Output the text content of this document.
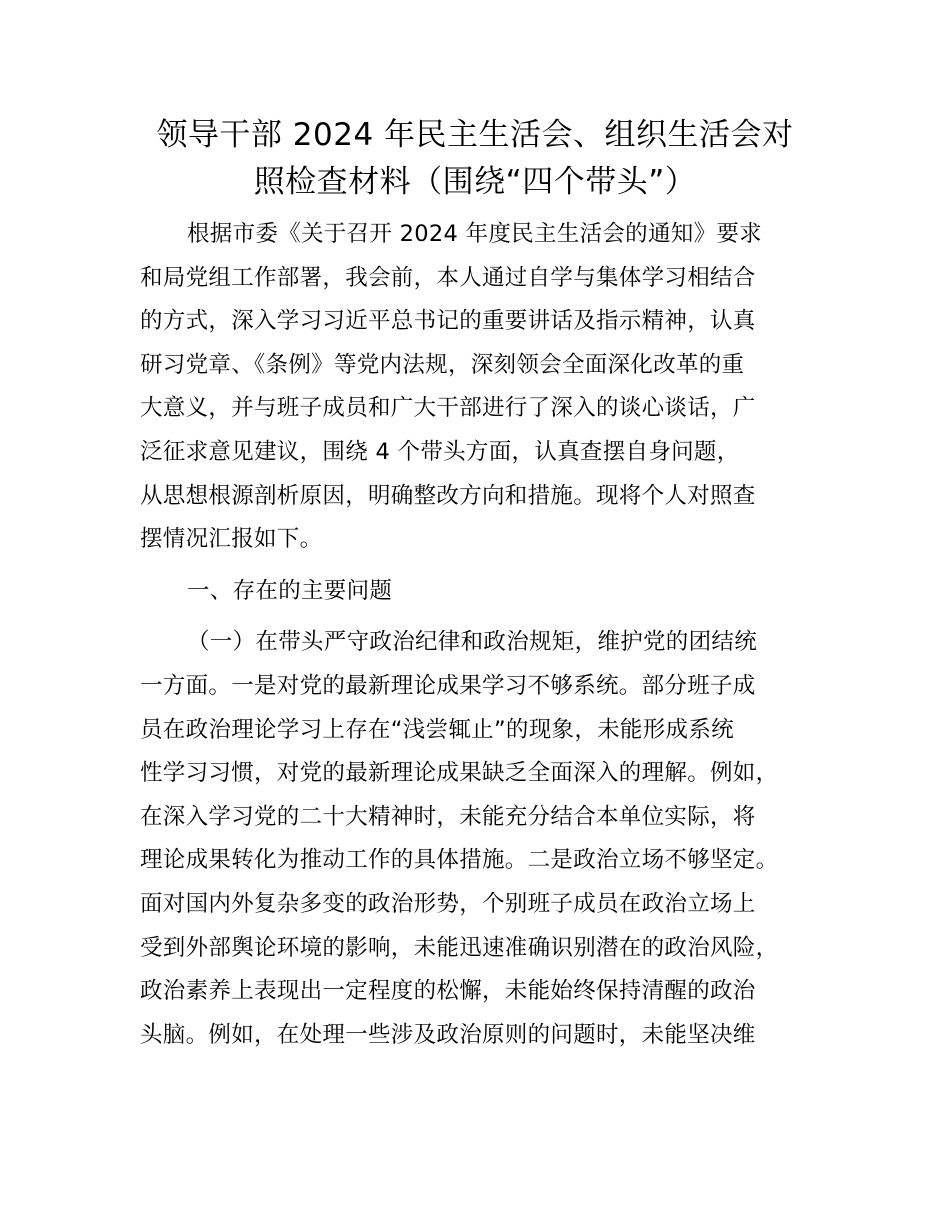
领导干部 2024 年民主生活会、组织生活会对
照检查材料（围绕“四个带头”）
根据市委《关于召开 2024 年度民主生活会的通知》要求
和局党组工作部署，我会前，本人通过自学与集体学习相结合
的方式，深入学习习近平总书记的重要讲话及指示精神，认真
研习党章、《条例》等党内法规，深刻领会全面深化改革的重
大意义，并与班子成员和广大干部进行了深入的谈心谈话，广
泛征求意见建议，围绕 4 个带头方面，认真查摆自身问题，
从思想根源剖析原因，明确整改方向和措施。现将个人对照查
摆情况汇报如下。
一、存在的主要问题
（一）在带头严守政治纪律和政治规矩，维护党的团结统
一方面。一是对党的最新理论成果学习不够系统。部分班子成
员在政治理论学习上存在“浅尝辄止”的现象，未能形成系统
性学习习惯，对党的最新理论成果缺乏全面深入的理解。例如，
在深入学习党的二十大精神时，未能充分结合本单位实际，将
理论成果转化为推动工作的具体措施。二是政治立场不够坚定。
面对国内外复杂多变的政治形势，个别班子成员在政治立场上
受到外部舆论环境的影响，未能迅速准确识别潜在的政治风险，
政治素养上表现出一定程度的松懈，未能始终保持清醒的政治
头脑。例如，在处理一些涉及政治原则的问题时，未能坚决维
